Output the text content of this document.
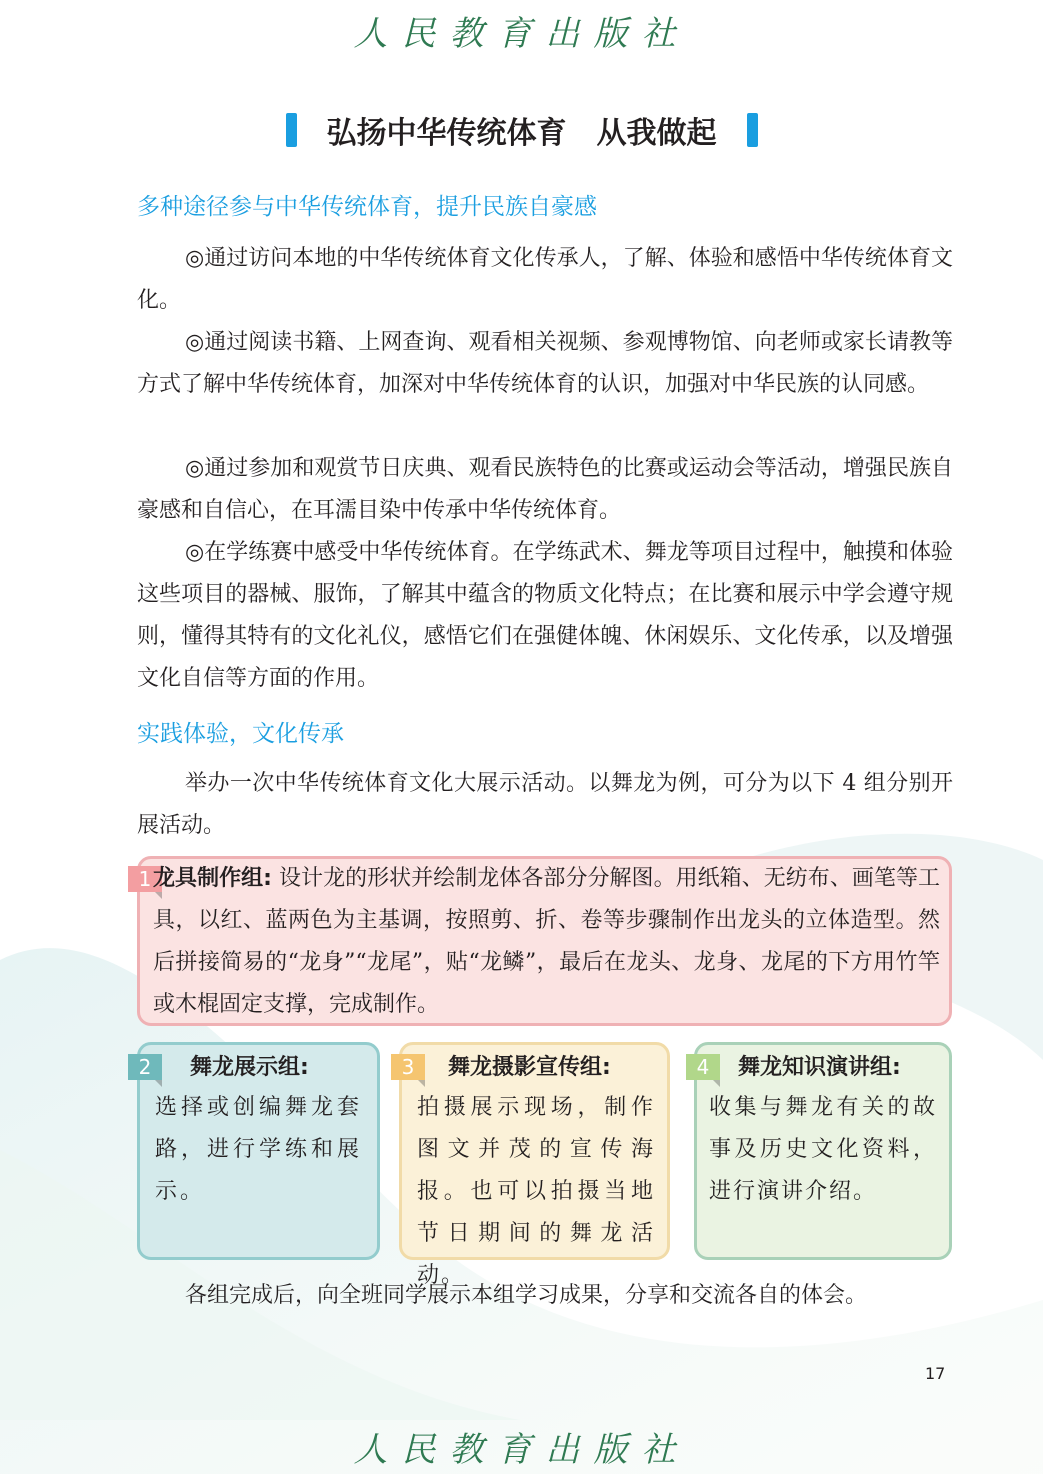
人民教育出版社
弘扬中华传统体育　从我做起
多种途径参与中华传统体育，提升民族自豪感

◎通过访问本地的中华传统体育文化传承人，了解、体验和感悟中华传统体育文化。

◎通过阅读书籍、上网查询、观看相关视频、参观博物馆、向老师或家长请教等方式了解中华传统体育，加深对中华传统体育的认识，加强对中华民族的认同感。

◎通过参加和观赏节日庆典、观看民族特色的比赛或运动会等活动，增强民族自豪感和自信心，在耳濡目染中传承中华传统体育。

◎在学练赛中感受中华传统体育。在学练武术、舞龙等项目过程中，触摸和体验这些项目的器械、服饰，了解其中蕴含的物质文化特点；在比赛和展示中学会遵守规则，懂得其特有的文化礼仪，感悟它们在强健体魄、休闲娱乐、文化传承，以及增强文化自信等方面的作用。

实践体验，文化传承

举办一次中华传统体育文化大展示活动。以舞龙为例，可分为以下 4 组分别开展活动。

1 龙具制作组: 设计龙的形状并绘制龙体各部分分解图。用纸箱、无纺布、画笔等工具，以红、蓝两色为主基调，按照剪、折、卷等步骤制作出龙头的立体造型。然后拼接简易的“龙身”“龙尾”，贴“龙鳞”，最后在龙头、龙身、龙尾的下方用竹竿或木棍固定支撑，完成制作。

2	舞龙展示组:

选择或创编舞龙套路，进行学练和展示。

3	舞龙摄影宣传组:

拍摄展示现场，制作图文并茂的宣传海报。也可以拍摄当地节日期间的舞龙活动。

4	舞龙知识演讲组:

收集与舞龙有关的故事及历史文化资料，进行演讲介绍。

各组完成后，向全班同学展示本组学习成果，分享和交流各自的体会。

17
人民教育出版社
